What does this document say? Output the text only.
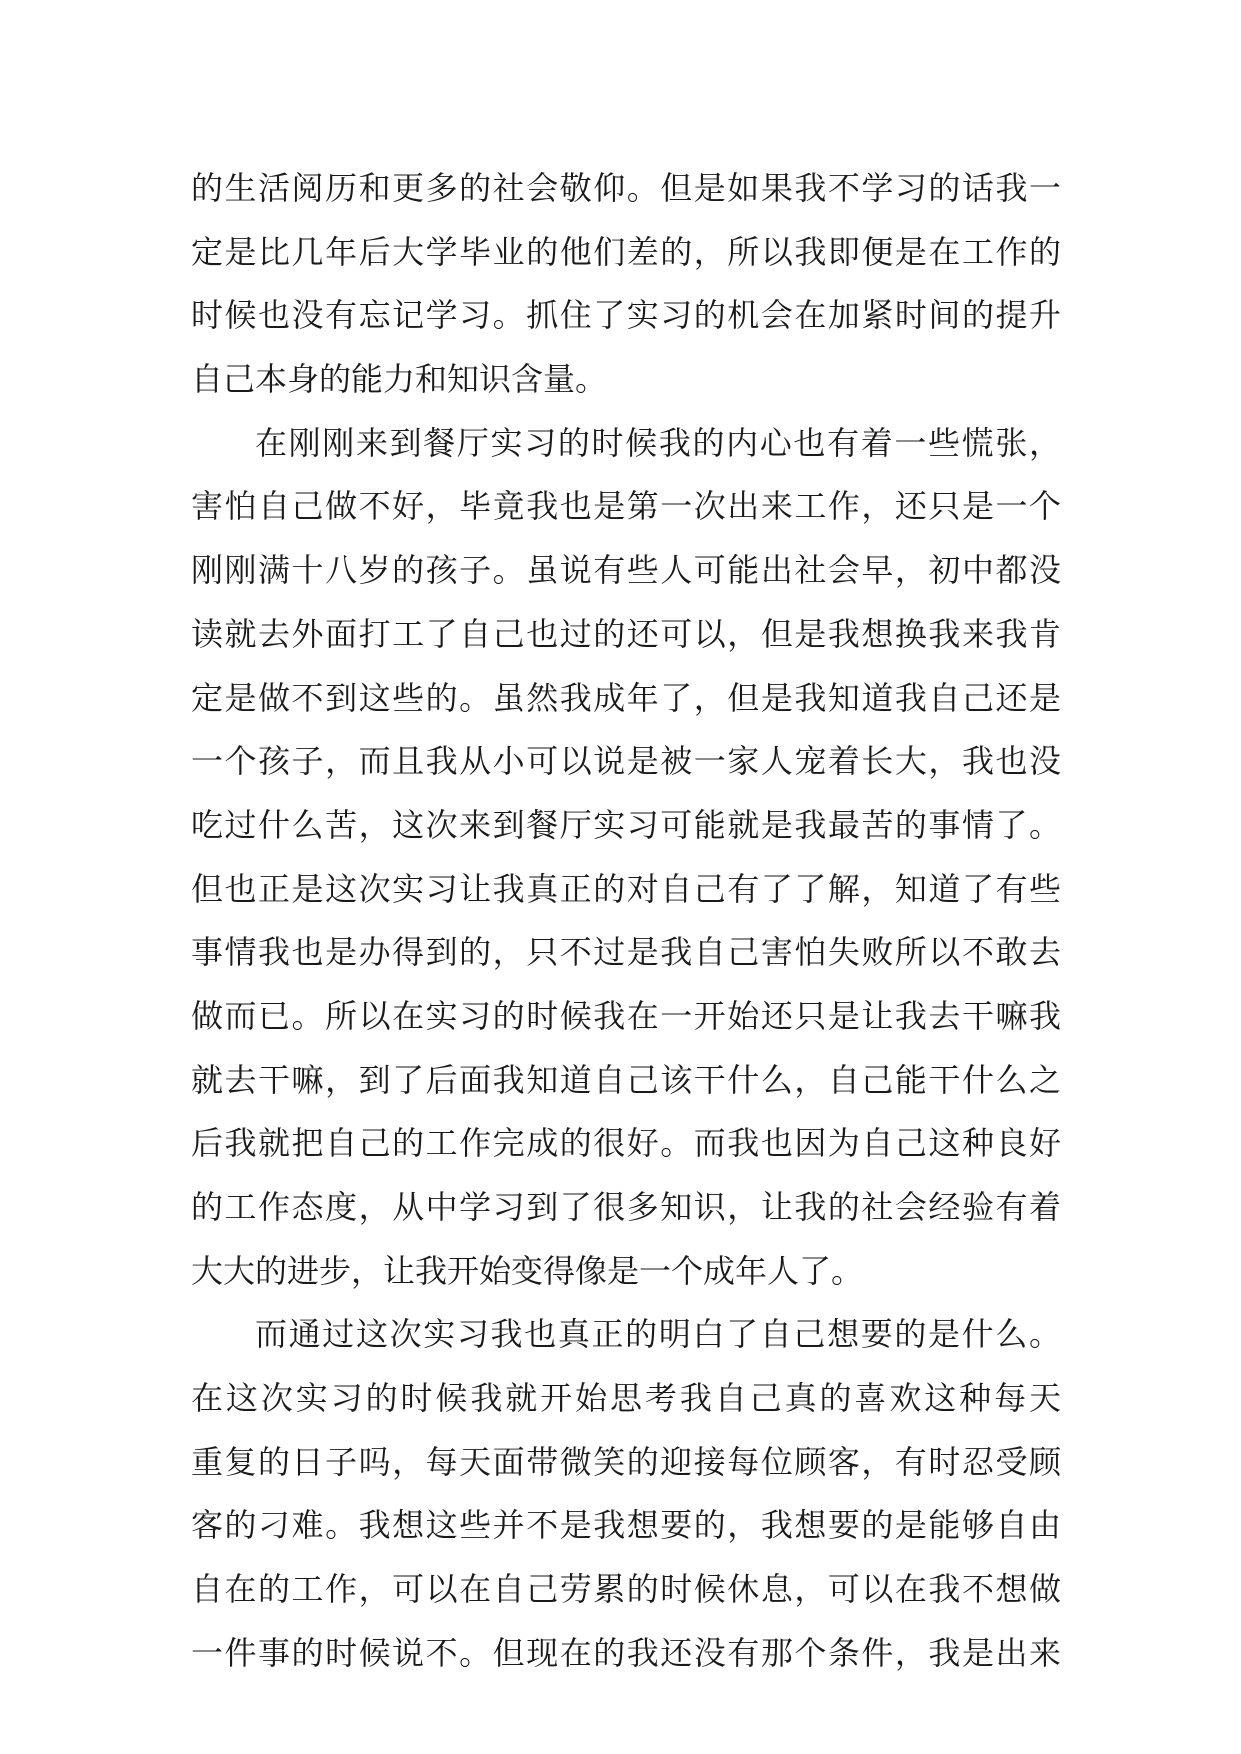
的生活阅历和更多的社会敬仰。但是如果我不学习的话我一
定是比几年后大学毕业的他们差的，所以我即便是在工作的
时候也没有忘记学习。抓住了实习的机会在加紧时间的提升
自己本身的能力和知识含量。
在刚刚来到餐厅实习的时候我的内心也有着一些慌张，
害怕自己做不好，毕竟我也是第一次出来工作，还只是一个
刚刚满十八岁的孩子。虽说有些人可能出社会早，初中都没
读就去外面打工了自己也过的还可以，但是我想换我来我肯
定是做不到这些的。虽然我成年了，但是我知道我自己还是
一个孩子，而且我从小可以说是被一家人宠着长大，我也没
吃过什么苦，这次来到餐厅实习可能就是我最苦的事情了。
但也正是这次实习让我真正的对自己有了了解，知道了有些
事情我也是办得到的，只不过是我自己害怕失败所以不敢去
做而已。所以在实习的时候我在一开始还只是让我去干嘛我
就去干嘛，到了后面我知道自己该干什么，自己能干什么之
后我就把自己的工作完成的很好。而我也因为自己这种良好
的工作态度，从中学习到了很多知识，让我的社会经验有着
大大的进步，让我开始变得像是一个成年人了。
而通过这次实习我也真正的明白了自己想要的是什么。
在这次实习的时候我就开始思考我自己真的喜欢这种每天
重复的日子吗，每天面带微笑的迎接每位顾客，有时忍受顾
客的刁难。我想这些并不是我想要的，我想要的是能够自由
自在的工作，可以在自己劳累的时候休息，可以在我不想做
一件事的时候说不。但现在的我还没有那个条件，我是出来
